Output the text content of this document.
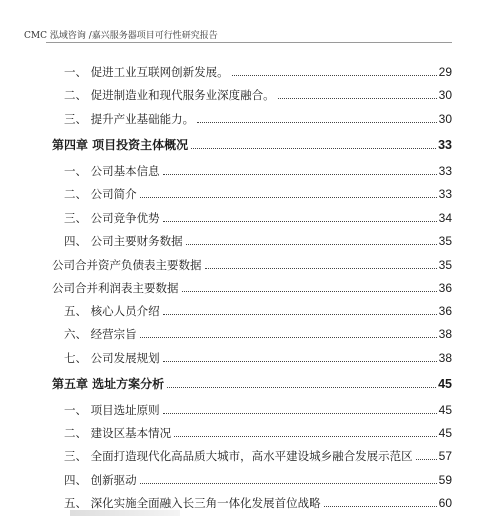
CMC 泓域咨询 /嘉兴服务器项目可行性研究报告
一、 促进工业互联网创新发展。	29
二、 促进制造业和现代服务业深度融合。	30
三、 提升产业基础能力。	30
第四章 项目投资主体概况	33
一、 公司基本信息	33
二、 公司简介	33
三、 公司竞争优势	34
四、 公司主要财务数据	35
公司合并资产负债表主要数据	35
公司合并利润表主要数据	36
五、 核心人员介绍	36
六、 经营宗旨	38
七、 公司发展规划	38
第五章 选址方案分析	45
一、 项目选址原则	45
二、 建设区基本情况	45
三、 全面打造现代化高品质大城市，高水平建设城乡融合发展示范区 57
四、 创新驱动	59
五、 深化实施全面融入长三角一体化发展首位战略	60
